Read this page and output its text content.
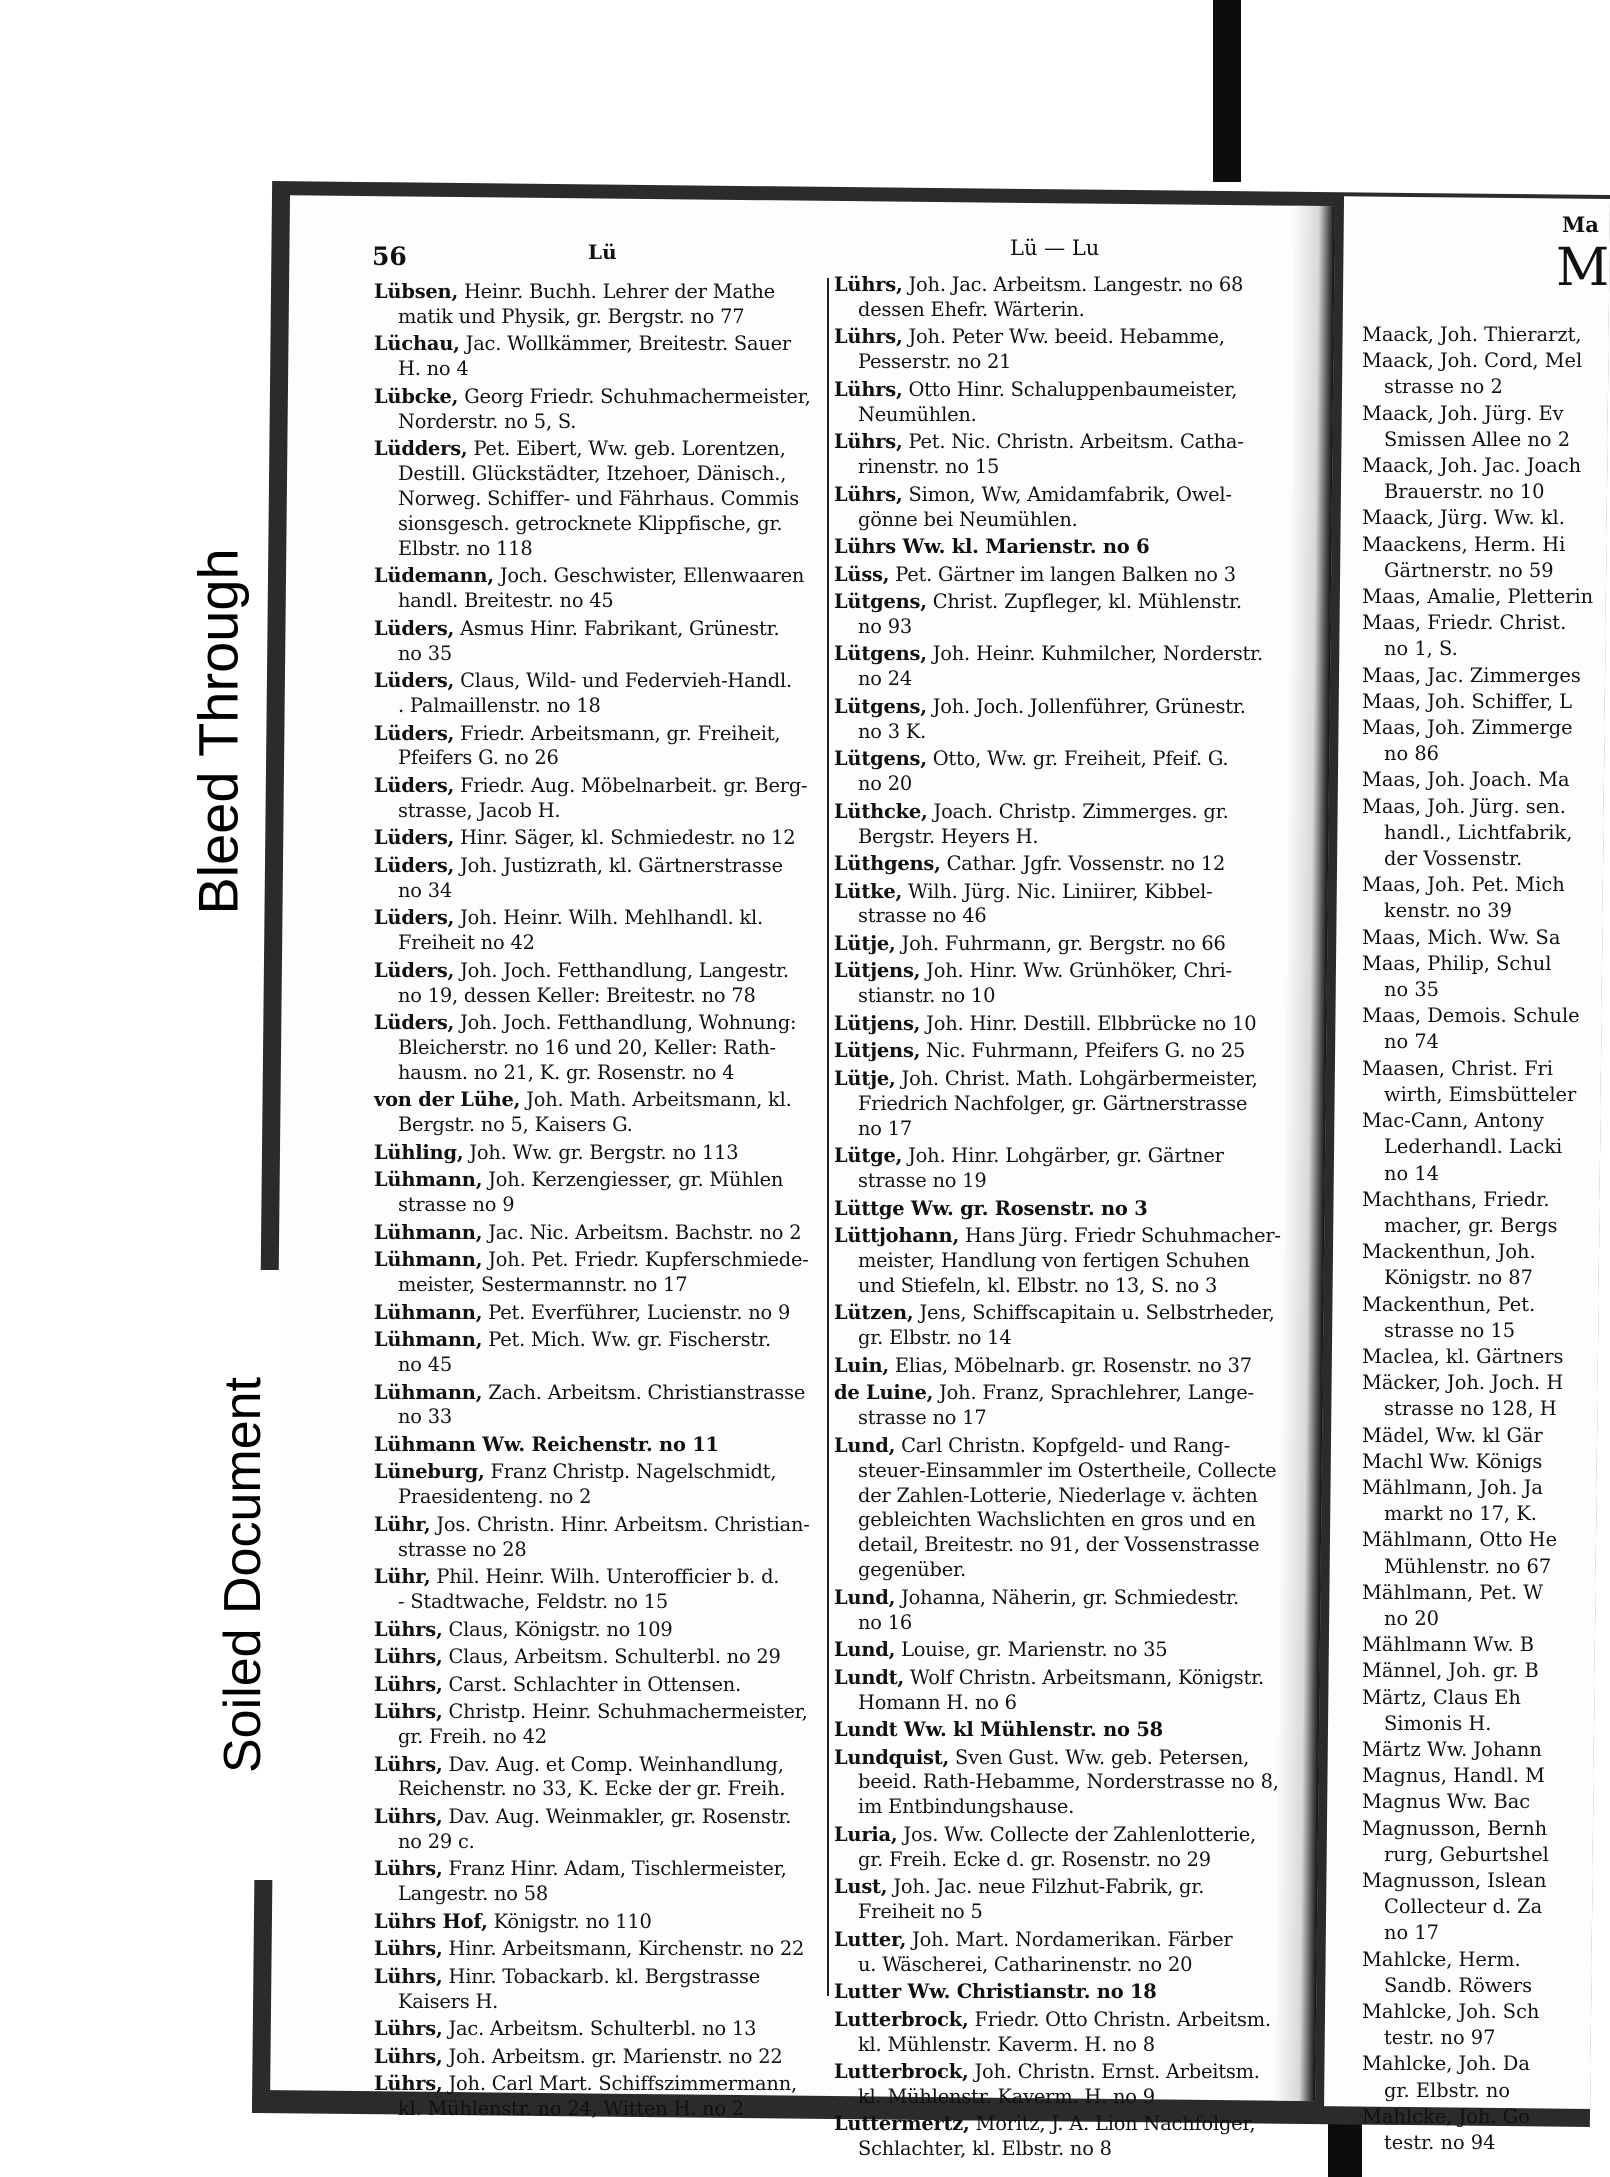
Bleed Through
Soiled Document
56	Lü	Lü — Lu
Ma
M
Lübsen, Heinr. Buchh. Lehrer der Mathe
matik und Physik, gr. Bergstr. no 77
Lüchau, Jac. Wollkämmer, Breitestr. Sauer
H. no 4
Lübcke, Georg Friedr. Schuhmachermeister,
Norderstr. no 5, S.
Lüdders, Pet. Eibert, Ww. geb. Lorentzen,
Destill. Glückstädter, Itzehoer, Dänisch.,
Norweg. Schiffer- und Fährhaus. Commis
sionsgesch. getrocknete Klippfische, gr.
Elbstr. no 118
Lüdemann, Joch. Geschwister, Ellenwaaren
handl. Breitestr. no 45
Lüders, Asmus Hinr. Fabrikant, Grünestr.
no 35
Lüders, Claus, Wild- und Federvieh-Handl.
. Palmaillenstr. no 18
Lüders, Friedr. Arbeitsmann, gr. Freiheit,
Pfeifers G. no 26
Lüders, Friedr. Aug. Möbelnarbeit. gr. Berg-
strasse, Jacob H.
Lüders, Hinr. Säger, kl. Schmiedestr. no 12
Lüders, Joh. Justizrath, kl. Gärtnerstrasse
no 34
Lüders, Joh. Heinr. Wilh. Mehlhandl. kl.
Freiheit no 42
Lüders, Joh. Joch. Fetthandlung, Langestr.
no 19, dessen Keller: Breitestr. no 78
Lüders, Joh. Joch. Fetthandlung, Wohnung:
Bleicherstr. no 16 und 20, Keller: Rath-
hausm. no 21, K. gr. Rosenstr. no 4
von der Lühe, Joh. Math. Arbeitsmann, kl.
Bergstr. no 5, Kaisers G.
Lühling, Joh. Ww. gr. Bergstr. no 113
Lühmann, Joh. Kerzengiesser, gr. Mühlen
strasse no 9
Lühmann, Jac. Nic. Arbeitsm. Bachstr. no 2
Lühmann, Joh. Pet. Friedr. Kupferschmiede-
meister, Sestermannstr. no 17
Lühmann, Pet. Everführer, Lucienstr. no 9
Lühmann, Pet. Mich. Ww. gr. Fischerstr.
no 45
Lühmann, Zach. Arbeitsm. Christianstrasse
no 33
Lühmann Ww. Reichenstr. no 11
Lüneburg, Franz Christp. Nagelschmidt,
Praesidenteng. no 2
Lühr, Jos. Christn. Hinr. Arbeitsm. Christian-
strasse no 28
Lühr, Phil. Heinr. Wilh. Unterofficier b. d.
- Stadtwache, Feldstr. no 15
Lührs, Claus, Königstr. no 109
Lührs, Claus, Arbeitsm. Schulterbl. no 29
Lührs, Carst. Schlachter in Ottensen.
Lührs, Christp. Heinr. Schuhmachermeister,
gr. Freih. no 42
Lührs, Dav. Aug. et Comp. Weinhandlung,
Reichenstr. no 33, K. Ecke der gr. Freih.
Lührs, Dav. Aug. Weinmakler, gr. Rosenstr.
no 29 c.
Lührs, Franz Hinr. Adam, Tischlermeister,
Langestr. no 58
Lührs Hof, Königstr. no 110
Lührs, Hinr. Arbeitsmann, Kirchenstr. no 22
Lührs, Hinr. Tobackarb. kl. Bergstrasse
Kaisers H.
Lührs, Jac. Arbeitsm. Schulterbl. no 13
Lührs, Joh. Arbeitsm. gr. Marienstr. no 22
Lührs, Joh. Carl Mart. Schiffszimmermann,
kl. Mühlenstr. no 24, Witten H. no 2
Lührs, Joh. Jac. Arbeitsm. Langestr. no 68
dessen Ehefr. Wärterin.
Lührs, Joh. Peter Ww. beeid. Hebamme,
Pesserstr. no 21
Lührs, Otto Hinr. Schaluppenbaumeister,
Neumühlen.
Lührs, Pet. Nic. Christn. Arbeitsm. Catha-
rinenstr. no 15
Lührs, Simon, Ww, Amidamfabrik, Owel-
gönne bei Neumühlen.
Lührs Ww. kl. Marienstr. no 6
Lüss, Pet. Gärtner im langen Balken no 3
Lütgens, Christ. Zupfleger, kl. Mühlenstr.
no 93
Lütgens, Joh. Heinr. Kuhmilcher, Norderstr.
no 24
Lütgens, Joh. Joch. Jollenführer, Grünestr.
no 3 K.
Lütgens, Otto, Ww. gr. Freiheit, Pfeif. G.
no 20
Lüthcke, Joach. Christp. Zimmerges. gr.
Bergstr. Heyers H.
Lüthgens, Cathar. Jgfr. Vossenstr. no 12
Lütke, Wilh. Jürg. Nic. Liniirer, Kibbel-
strasse no 46
Lütje, Joh. Fuhrmann, gr. Bergstr. no 66
Lütjens, Joh. Hinr. Ww. Grünhöker, Chri-
stianstr. no 10
Lütjens, Joh. Hinr. Destill. Elbbrücke no 10
Lütjens, Nic. Fuhrmann, Pfeifers G. no 25
Lütje, Joh. Christ. Math. Lohgärbermeister,
Friedrich Nachfolger, gr. Gärtnerstrasse
no 17
Lütge, Joh. Hinr. Lohgärber, gr. Gärtner
strasse no 19
Lüttge Ww. gr. Rosenstr. no 3
Lüttjohann, Hans Jürg. Friedr Schuhmacher-
meister, Handlung von fertigen Schuhen
und Stiefeln, kl. Elbstr. no 13, S. no 3
Lützen, Jens, Schiffscapitain u. Selbstrheder,
gr. Elbstr. no 14
Luin, Elias, Möbelnarb. gr. Rosenstr. no 37
de Luine, Joh. Franz, Sprachlehrer, Lange-
strasse no 17
Lund, Carl Christn. Kopfgeld- und Rang-
steuer-Einsammler im Ostertheile, Collecte
der Zahlen-Lotterie, Niederlage v. ächten
gebleichten Wachslichten en gros und en
detail, Breitestr. no 91, der Vossenstrasse
gegenüber.
Lund, Johanna, Näherin, gr. Schmiedestr.
no 16
Lund, Louise, gr. Marienstr. no 35
Lundt, Wolf Christn. Arbeitsmann, Königstr.
Homann H. no 6
Lundt Ww. kl Mühlenstr. no 58
Lundquist, Sven Gust. Ww. geb. Petersen,
beeid. Rath-Hebamme, Norderstrasse no 8,
im Entbindungshause.
Luria, Jos. Ww. Collecte der Zahlenlotterie,
gr. Freih. Ecke d. gr. Rosenstr. no 29
Lust, Joh. Jac. neue Filzhut-Fabrik, gr.
Freiheit no 5
Lutter, Joh. Mart. Nordamerikan. Färber
u. Wäscherei, Catharinenstr. no 20
Lutter Ww. Christianstr. no 18
Lutterbrock, Friedr. Otto Christn. Arbeitsm.
kl. Mühlenstr. Kaverm. H. no 8
Lutterbrock, Joh. Christn. Ernst. Arbeitsm.
kl. Mühlenstr. Kaverm. H. no 9
Luttermertz, Moritz, J. A. Lion Nachfolger,
Schlachter, kl. Elbstr. no 8
Maack, Joh. Thierarzt,
Maack, Joh. Cord, Mel
strasse no 2
Maack, Joh. Jürg. Ev
Smissen Allee no 2
Maack, Joh. Jac. Joach
Brauerstr. no 10
Maack, Jürg. Ww. kl.
Maackens, Herm. Hi
Gärtnerstr. no 59
Maas, Amalie, Pletterin
Maas, Friedr. Christ.
no 1, S.
Maas, Jac. Zimmerges
Maas, Joh. Schiffer, L
Maas, Joh. Zimmerge
no 86
Maas, Joh. Joach. Ma
Maas, Joh. Jürg. sen.
handl., Lichtfabrik,
der Vossenstr.
Maas, Joh. Pet. Mich
kenstr. no 39
Maas, Mich. Ww. Sa
Maas, Philip, Schul
no 35
Maas, Demois. Schule
no 74
Maasen, Christ. Fri
wirth, Eimsbütteler
Mac-Cann, Antony
Lederhandl. Lacki
no 14
Machthans, Friedr.
macher, gr. Bergs
Mackenthun, Joh.
Königstr. no 87
Mackenthun, Pet.
strasse no 15
Maclea, kl. Gärtners
Mäcker, Joh. Joch. H
strasse no 128, H
Mädel, Ww. kl Gär
Machl Ww. Königs
Mählmann, Joh. Ja
markt no 17, K.
Mählmann, Otto He
Mühlenstr. no 67
Mählmann, Pet. W
no 20
Mählmann Ww. B
Männel, Joh. gr. B
Märtz, Claus Eh
Simonis H.
Märtz Ww. Johann
Magnus, Handl. M
Magnus Ww. Bac
Magnusson, Bernh
rurg, Geburtshel
Magnusson, Islean
Collecteur d. Za
no 17
Mahlcke, Herm.
Sandb. Röwers
Mahlcke, Joh. Sch
testr. no 97
Mahlcke, Joh. Da
gr. Elbstr. no
Mahlcke, Joh. Go
testr. no 94
